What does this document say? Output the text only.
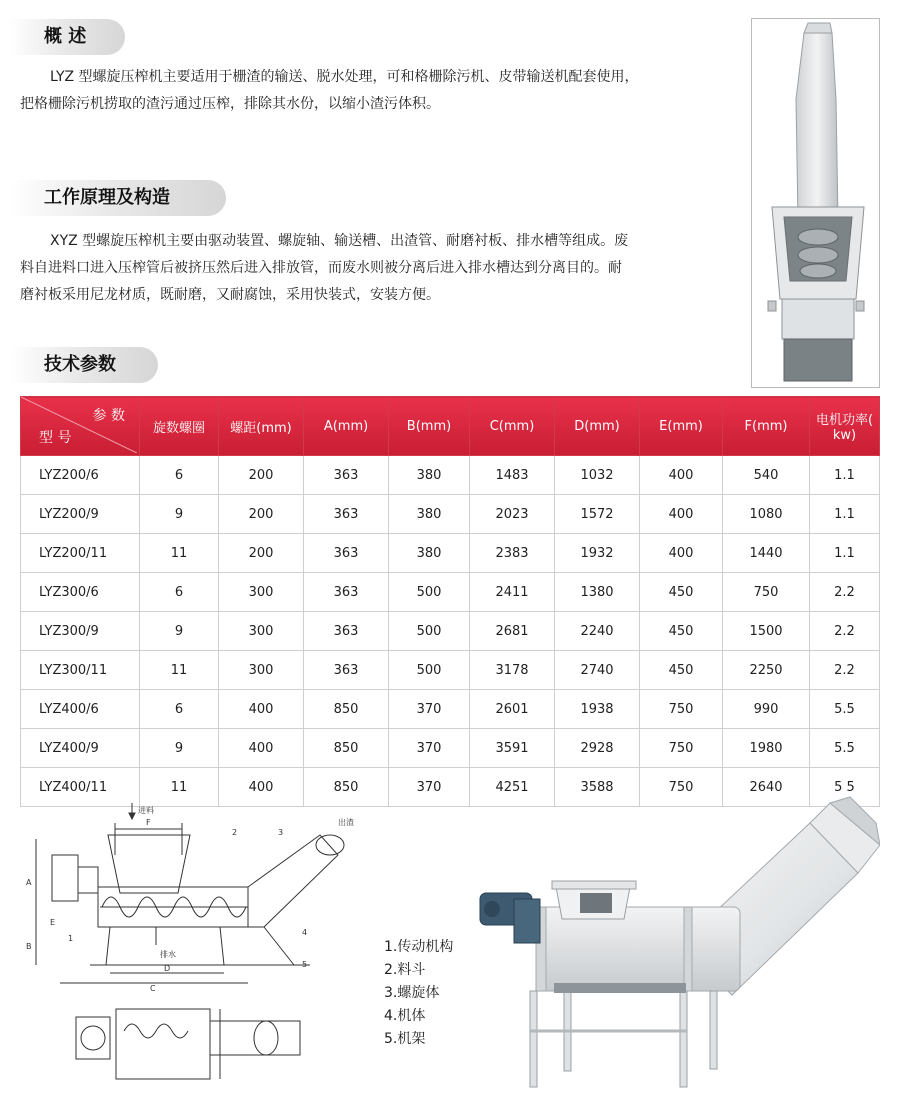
概 述
LYZ 型螺旋压榨机主要适用于栅渣的输送、脱水处理，可和格栅除污机、皮带输送机配套使用，
把格栅除污机捞取的渣污通过压榨，排除其水份，以缩小渣污体积。
工作原理及构造
XYZ 型螺旋压榨机主要由驱动装置、螺旋轴、输送槽、出渣管、耐磨衬板、排水槽等组成。废
料自进料口进入压榨管后被挤压然后进入排放管，而废水则被分离后进入排水槽达到分离目的。耐
磨衬板采用尼龙材质，既耐磨，又耐腐蚀，采用快装式，安装方便。
技术参数
参 数
型 号	旋数螺圈	螺距(mm)	A(mm)	B(mm)	C(mm)	D(mm)	E(mm)	F(mm)	电机功率( kw)
LYZ200/6	6	200	363	380	1483	1032	400	540	1.1
LYZ200/9	9	200	363	380	2023	1572	400	1080	1.1
LYZ200/11	11	200	363	380	2383	1932	400	1440	1.1
LYZ300/6	6	300	363	500	2411	1380	450	750	2.2
LYZ300/9	9	300	363	500	2681	2240	450	1500	2.2
LYZ300/11	11	300	363	500	3178	2740	450	2250	2.2
LYZ400/6	6	400	850	370	2601	1938	750	990	5.5
LYZ400/9	9	400	850	370	3591	2928	750	1980	5.5
LYZ400/11	11	400	850	370	4251	3588	750	2640	5 5
进料
出渣
排水
A
B
C
D
E
F
1
2	3
4
5
1.传动机构
2.料斗
3.螺旋体
4.机体
5.机架
